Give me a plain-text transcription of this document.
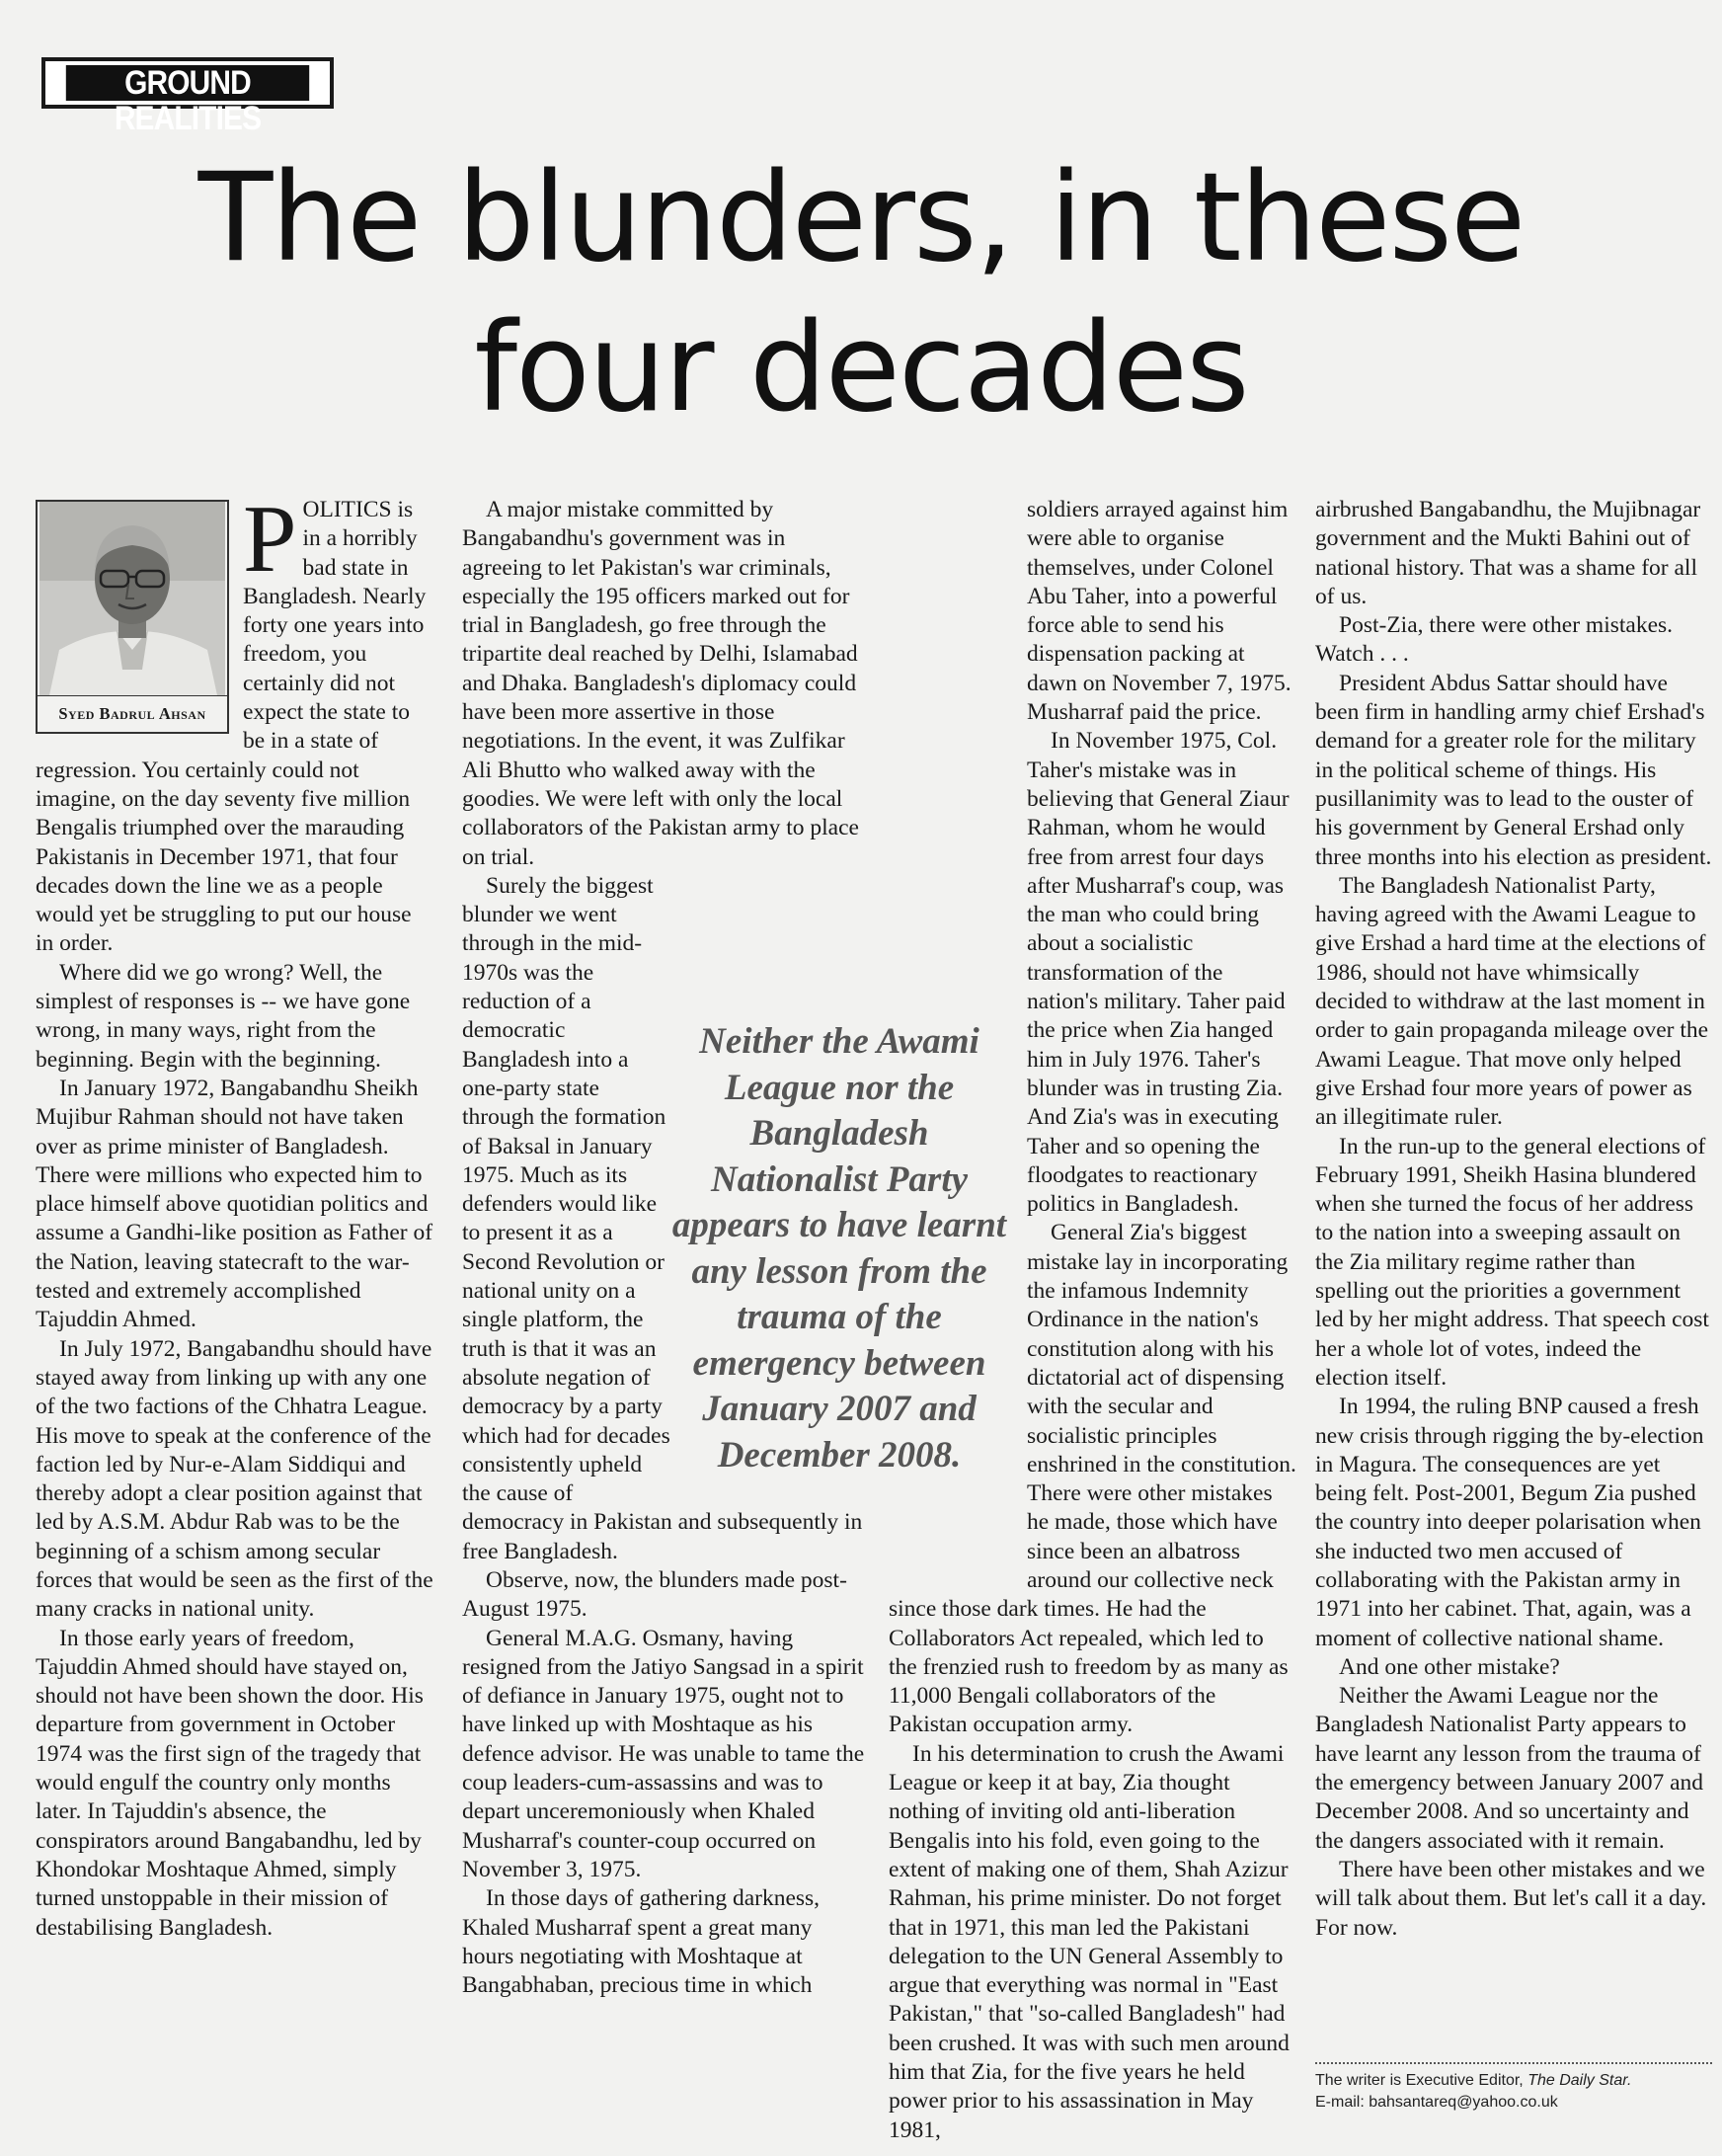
GROUND REALITIES
The blunders, in these
four decades
Syed Badrul Ahsan
P OLITICS is in a horribly bad state in Bangladesh. Nearly forty one years into freedom, you certainly did not expect the state to be in a state of regression. You certainly could not imagine, on the day seventy five million Bengalis triumphed over the marauding Pakistanis in December 1971, that four decades down the line we as a people would yet be struggling to put our house in order.

Where did we go wrong? Well, the simplest of responses is -- we have gone wrong, in many ways, right from the beginning. Begin with the beginning.

In January 1972, Bangabandhu Sheikh Mujibur Rahman should not have taken over as prime minister of Bangladesh. There were millions who expected him to place himself above quotidian politics and assume a Gandhi-like position as Father of the Nation, leaving statecraft to the war-tested and extremely accomplished Tajuddin Ahmed.

In July 1972, Bangabandhu should have stayed away from linking up with any one of the two factions of the Chhatra League. His move to speak at the conference of the faction led by Nur-e-Alam Siddiqui and thereby adopt a clear position against that led by A.S.M. Abdur Rab was to be the beginning of a schism among secular forces that would be seen as the first of the many cracks in national unity.

In those early years of freedom, Tajuddin Ahmed should have stayed on, should not have been shown the door. His departure from government in October 1974 was the first sign of the tragedy that would engulf the country only months later. In Tajuddin's absence, the conspirators around Bangabandhu, led by Khondokar Moshtaque Ahmed, simply turned unstoppable in their mission of destabilising Bangladesh.

A major mistake committed by Bangabandhu's government was in agreeing to let Pakistan's war criminals, especially the 195 officers marked out for trial in Bangladesh, go free through the tripartite deal reached by Delhi, Islamabad and Dhaka. Bangladesh's diplomacy could have been more assertive in those negotiations. In the event, it was Zulfikar Ali Bhutto who walked away with the goodies. We were left with only the local collaborators of the Pakistan army to place on trial.

Surely the biggest blunder we went through in the mid-1970s was the reduction of a democratic Bangladesh into a one-party state through the formation of Baksal in January 1975. Much as its defenders would like to present it as a Second Revolution or national unity on a single platform, the truth is that it was an absolute negation of democracy by a party which had for decades consistently upheld the cause of democracy in Pakistan and subsequently in free Bangladesh.

Observe, now, the blunders made post-August 1975.

General M.A.G. Osmany, having resigned from the Jatiyo Sangsad in a spirit of defiance in January 1975, ought not to have linked up with Moshtaque as his defence advisor. He was unable to tame the coup leaders-cum-assassins and was to depart unceremoniously when Khaled Musharraf's counter-coup occurred on November 3, 1975.

In those days of gathering darkness, Khaled Musharraf spent a great many hours negotiating with Moshtaque at Bangabhaban, precious time in which

soldiers arrayed against him were able to organise themselves, under Colonel Abu Taher, into a powerful force able to send his dispensation packing at dawn on November 7, 1975. Musharraf paid the price.

In November 1975, Col. Taher's mistake was in believing that General Ziaur Rahman, whom he would free from arrest four days after Musharraf's coup, was the man who could bring about a socialistic transformation of the nation's military. Taher paid the price when Zia hanged him in July 1976. Taher's blunder was in trusting Zia. And Zia's was in executing Taher and so opening the floodgates to reactionary politics in Bangladesh.

General Zia's biggest mistake lay in incorporating the infamous Indemnity Ordinance in the nation's constitution along with his dictatorial act of dispensing with the secular and socialistic principles enshrined in the constitution. There were other mistakes he made, those which have since been an albatross around our collective neck since those dark times. He had the Collaborators Act repealed, which led to the frenzied rush to freedom by as many as 11,000 Bengali collaborators of the Pakistan occupation army.

In his determination to crush the Awami League or keep it at bay, Zia thought nothing of inviting old anti-liberation Bengalis into his fold, even going to the extent of making one of them, Shah Azizur Rahman, his prime minister. Do not forget that in 1971, this man led the Pakistani delegation to the UN General Assembly to argue that everything was normal in "East Pakistan," that "so-called Bangladesh" had been crushed. It was with such men around him that Zia, for the five years he held power prior to his assassination in May 1981,

Neither the Awami League nor the Bangladesh Nationalist Party appears to have learnt any lesson from the trauma of the emergency between January 2007 and December 2008.

airbrushed Bangabandhu, the Mujibnagar government and the Mukti Bahini out of national history. That was a shame for all of us.

Post-Zia, there were other mistakes. Watch . . .

President Abdus Sattar should have been firm in handling army chief Ershad's demand for a greater role for the military in the political scheme of things. His pusillanimity was to lead to the ouster of his government by General Ershad only three months into his election as president.

The Bangladesh Nationalist Party, having agreed with the Awami League to give Ershad a hard time at the elections of 1986, should not have whimsically decided to withdraw at the last moment in order to gain propaganda mileage over the Awami League. That move only helped give Ershad four more years of power as an illegitimate ruler.

In the run-up to the general elections of February 1991, Sheikh Hasina blundered when she turned the focus of her address to the nation into a sweeping assault on the Zia military regime rather than spelling out the priorities a government led by her might address. That speech cost her a whole lot of votes, indeed the election itself.

In 1994, the ruling BNP caused a fresh new crisis through rigging the by-election in Magura. The consequences are yet being felt. Post-2001, Begum Zia pushed the country into deeper polarisation when she inducted two men accused of collaborating with the Pakistan army in 1971 into her cabinet. That, again, was a moment of collective national shame.

And one other mistake?

Neither the Awami League nor the Bangladesh Nationalist Party appears to have learnt any lesson from the trauma of the emergency between January 2007 and December 2008. And so uncertainty and the dangers associated with it remain.

There have been other mistakes and we will talk about them. But let's call it a day. For now.

The writer is Executive Editor, The Daily Star.
E-mail: bahsantareq@yahoo.co.uk
